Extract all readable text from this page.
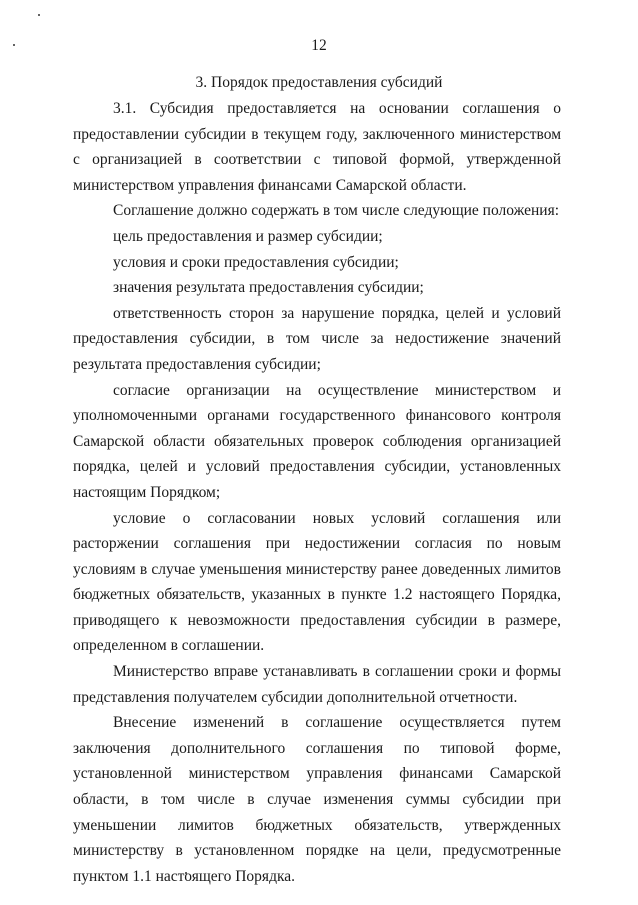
12
3. Порядок предоставления субсидий

3.1. Субсидия предоставляется на основании соглашения о предоставлении субсидии в текущем году, заключенного министерством с организацией в соответствии с типовой формой, утвержденной министерством управления финансами Самарской области.

Соглашение должно содержать в том числе следующие положения:

цель предоставления и размер субсидии;

условия и сроки предоставления субсидии;

значения результата предоставления субсидии;

ответственность сторон за нарушение порядка, целей и условий предоставления субсидии, в том числе за недостижение значений результата предоставления субсидии;

согласие организации на осуществление министерством и уполномоченными органами государственного финансового контроля Самарской области обязательных проверок соблюдения организацией порядка, целей и условий предоставления субсидии, установленных настоящим Порядком;

условие о согласовании новых условий соглашения или расторжении соглашения при недостижении согласия по новым условиям в случае уменьшения министерству ранее доведенных лимитов бюджетных обязательств, указанных в пункте 1.2 настоящего Порядка, приводящего к невозможности предоставления субсидии в размере, определенном в соглашении.

Министерство вправе устанавливать в соглашении сроки и формы представления получателем субсидии дополнительной отчетности.

Внесение изменений в соглашение осуществляется путем заключения дополнительного соглашения по типовой форме, установленной министерством управления финансами Самарской области, в том числе в случае изменения суммы субсидии при уменьшении лимитов бюджетных обязательств, утвержденных министерству в установленном порядке на цели, предусмотренные пунктом 1.1 настоящего Порядка.
